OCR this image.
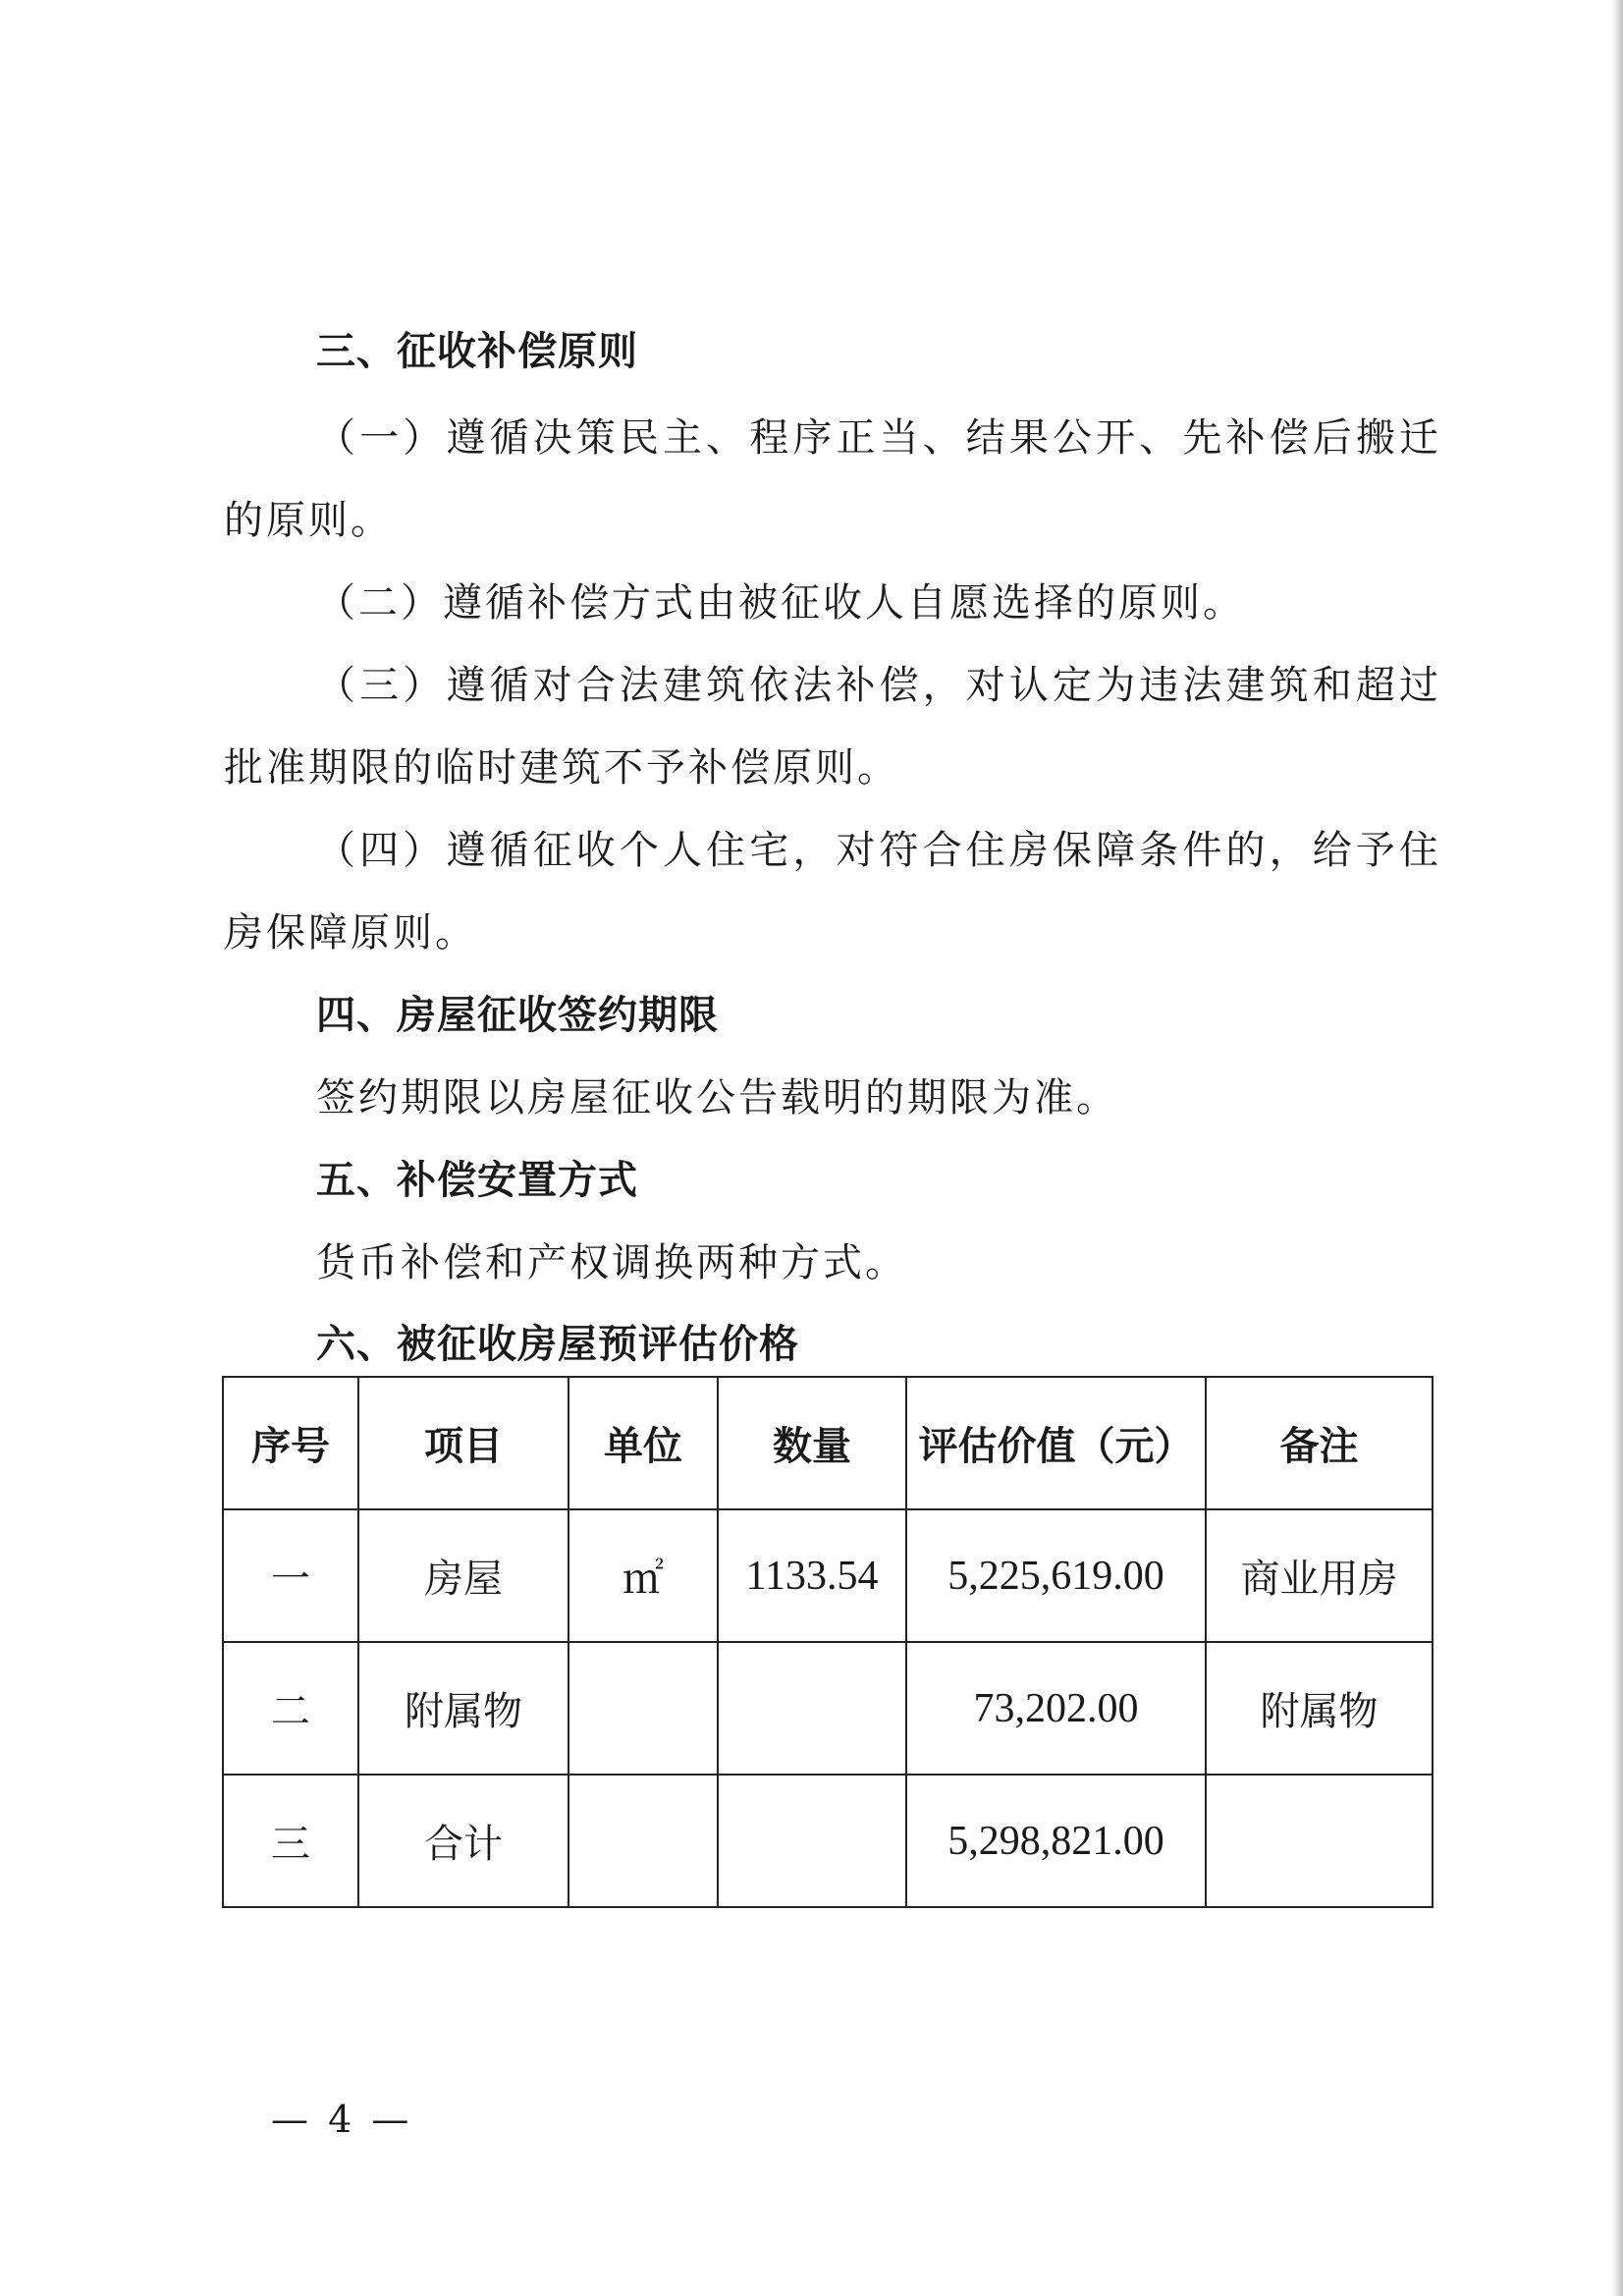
三、征收补偿原则
（一）遵循决策民主、程序正当、结果公开、先补偿后搬迁的原则。
（二）遵循补偿方式由被征收人自愿选择的原则。
（三）遵循对合法建筑依法补偿，对认定为违法建筑和超过批准期限的临时建筑不予补偿原则。
（四）遵循征收个人住宅，对符合住房保障条件的，给予住房保障原则。
四、房屋征收签约期限
签约期限以房屋征收公告载明的期限为准。
五、补偿安置方式
货币补偿和产权调换两种方式。
六、被征收房屋预评估价格
序号	项目	单位	数量	评估价值（元）	备注
一	房屋	㎡	1133.54	5,225,619.00	商业用房
二	附属物			73,202.00	附属物
三	合计			5,298,821.00	
— 4 —
